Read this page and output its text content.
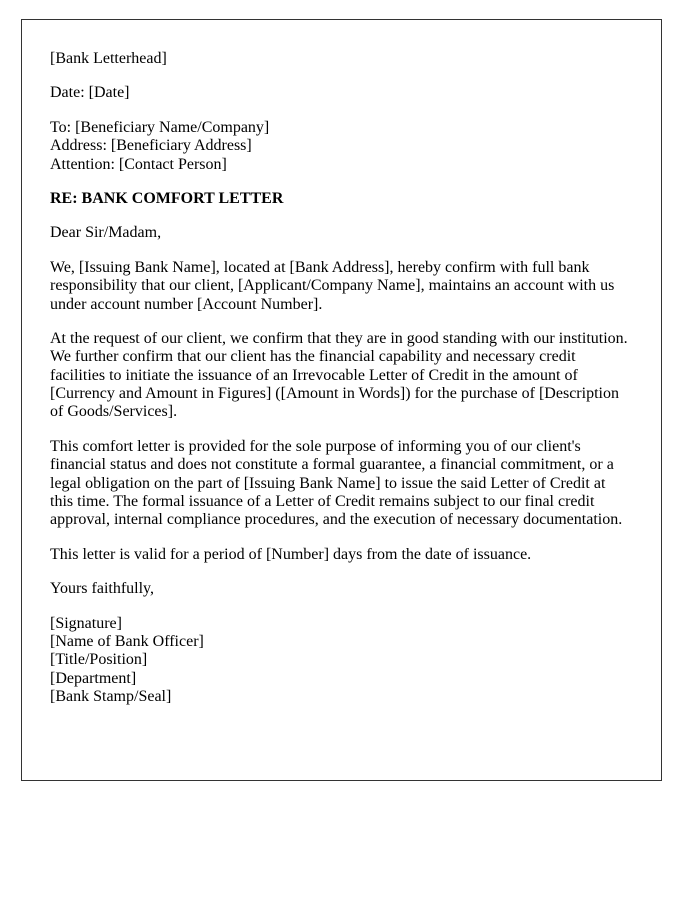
[Bank Letterhead]

Date: [Date]

To: [Beneficiary Name/Company]
Address: [Beneficiary Address]
Attention: [Contact Person]

RE: BANK COMFORT LETTER

Dear Sir/Madam,

We, [Issuing Bank Name], located at [Bank Address], hereby confirm with full bank responsibility that our client, [Applicant/Company Name], maintains an account with us under account number [Account Number].

At the request of our client, we confirm that they are in good standing with our institution. We further confirm that our client has the financial capability and necessary credit facilities to initiate the issuance of an Irrevocable Letter of Credit in the amount of [Currency and Amount in Figures] ([Amount in Words]) for the purchase of [Description of Goods/Services].

This comfort letter is provided for the sole purpose of informing you of our client's financial status and does not constitute a formal guarantee, a financial commitment, or a legal obligation on the part of [Issuing Bank Name] to issue the said Letter of Credit at this time. The formal issuance of a Letter of Credit remains subject to our final credit approval, internal compliance procedures, and the execution of necessary documentation.

This letter is valid for a period of [Number] days from the date of issuance.

Yours faithfully,

[Signature]
[Name of Bank Officer]
[Title/Position]
[Department]
[Bank Stamp/Seal]
